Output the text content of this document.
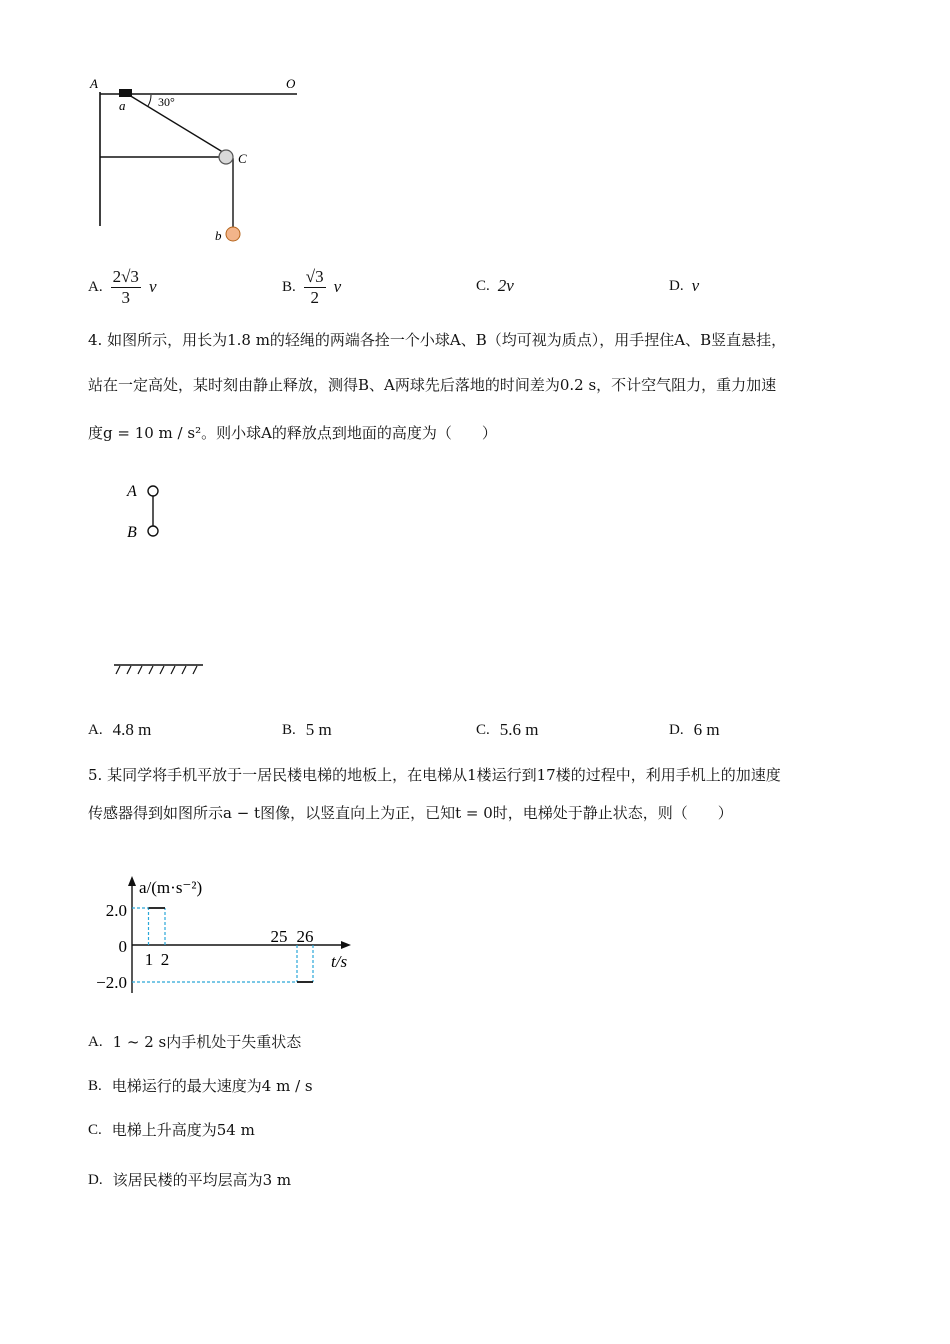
A	O
a	30°
C
b
A. $\frac{2√3}{3}$ v	B. $\frac{√3}{2}$ v	C. 2v	D. v
4. 如图所示，用长为1.8 m的轻绳的两端各拴一个小球A、B（均可视为质点），用手捏住A、B竖直悬挂，
站在一定高处，某时刻由静止释放，测得B、A两球先后落地的时间差为0.2 s，不计空气阻力，重力加速
度g = 10 m / s²。则小球A的释放点到地面的高度为（　　）
A
B
A. 4.8 m	B. 5 m	C. 5.6 m	D. 6 m
5. 某同学将手机平放于一居民楼电梯的地板上，在电梯从1楼运行到17楼的过程中，利用手机上的加速度
传感器得到如图所示a − t图像，以竖直向上为正，已知t = 0时，电梯处于静止状态，则（　　）
a/(m·s⁻²)
t/s
2.0
0
−2.0
1 2
25 26
A. 1 ~ 2 s内手机处于失重状态
B. 电梯运行的最大速度为4 m / s
C. 电梯上升高度为54 m
D. 该居民楼的平均层高为3 m
